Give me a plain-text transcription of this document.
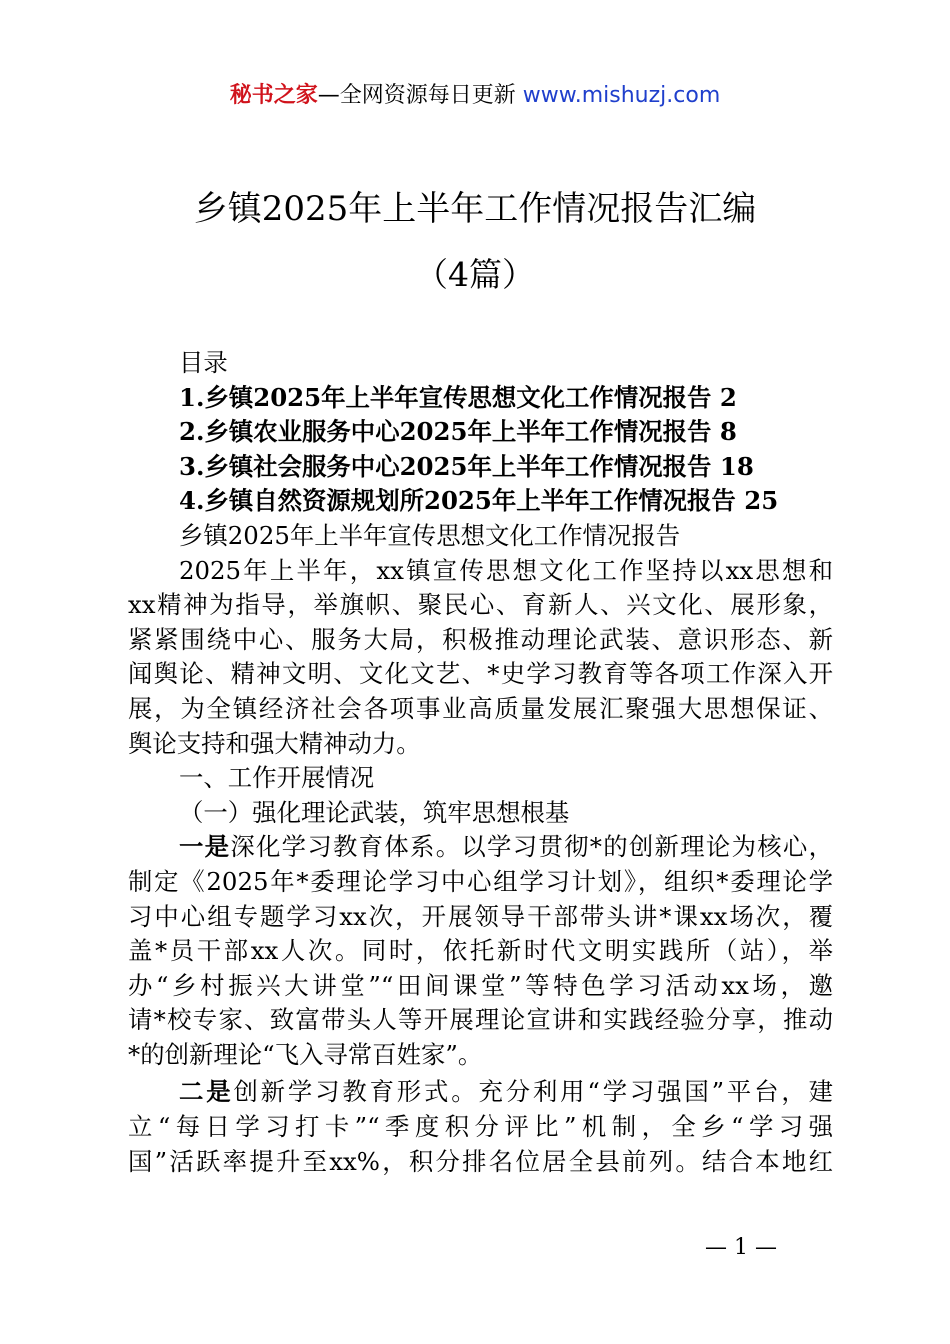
秘书之家—全网资源每日更新 www.mishuzj.com
乡镇2025年上半年工作情况报告汇编
（4篇）
目录
1.乡镇2025年上半年宣传思想文化工作情况报告 2
2.乡镇农业服务中心2025年上半年工作情况报告 8
3.乡镇社会服务中心2025年上半年工作情况报告 18
4.乡镇自然资源规划所2025年上半年工作情况报告 25
乡镇2025年上半年宣传思想文化工作情况报告
2025年上半年，xx镇宣传思想文化工作坚持以xx思想和
xx精神为指导，举旗帜、聚民心、育新人、兴文化、展形象，
紧紧围绕中心、服务大局，积极推动理论武装、意识形态、新
闻舆论、精神文明、文化文艺、*史学习教育等各项工作深入开
展，为全镇经济社会各项事业高质量发展汇聚强大思想保证、
舆论支持和强大精神动力。
一、工作开展情况
（一）强化理论武装，筑牢思想根基
一是深化学习教育体系。以学习贯彻*的创新理论为核心，
制定《2025年*委理论学习中心组学习计划》，组织*委理论学
习中心组专题学习xx次，开展领导干部带头讲*课xx场次，覆
盖*员干部xx人次。同时，依托新时代文明实践所（站），举
办“乡村振兴大讲堂”“田间课堂”等特色学习活动xx场，邀
请*校专家、致富带头人等开展理论宣讲和实践经验分享，推动
*的创新理论“飞入寻常百姓家”。
二是创新学习教育形式。充分利用“学习强国”平台，建
立“每日学习打卡”“季度积分评比”机制，全乡“学习强
国”活跃率提升至xx%，积分排名位居全县前列。结合本地红
— 1 —
